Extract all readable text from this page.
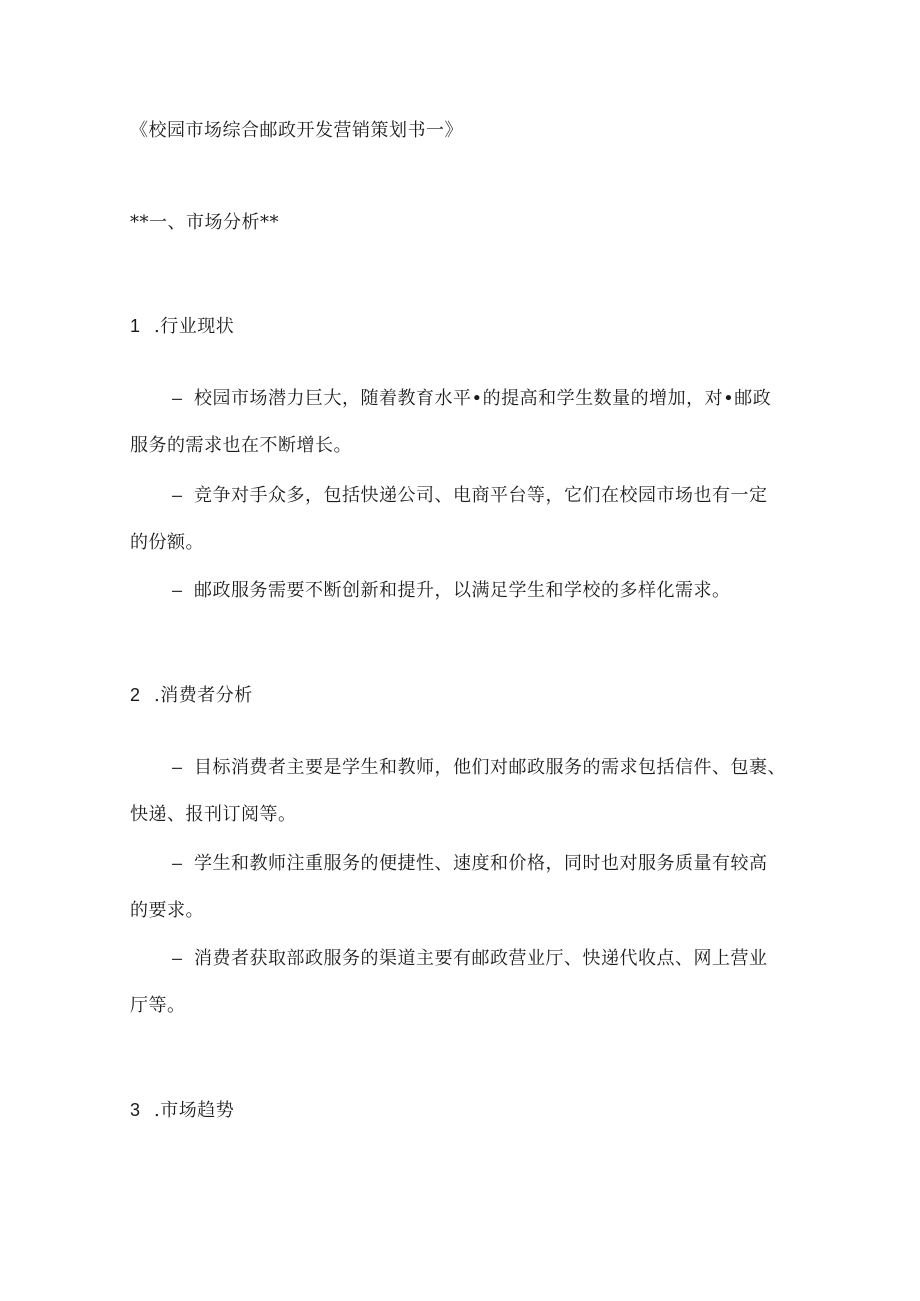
《校园市场综合邮政开发营销策划书一》
**一、市场分析**
1 .行业现状
– 校园市场潜力巨大，随着教育水平•的提高和学生数量的增加，对•邮政
服务的需求也在不断增长。
– 竞争对手众多，包括快递公司、电商平台等，它们在校园市场也有一定
的份额。
– 邮政服务需要不断创新和提升，以满足学生和学校的多样化需求。
2 .消费者分析
– 目标消费者主要是学生和教师，他们对邮政服务的需求包括信件、包裹、
快递、报刊订阅等。
– 学生和教师注重服务的便捷性、速度和价格，同时也对服务质量有较高
的要求。
– 消费者获取部政服务的渠道主要有邮政营业厅、快递代收点、网上营业
厅等。
3 .市场趋势
